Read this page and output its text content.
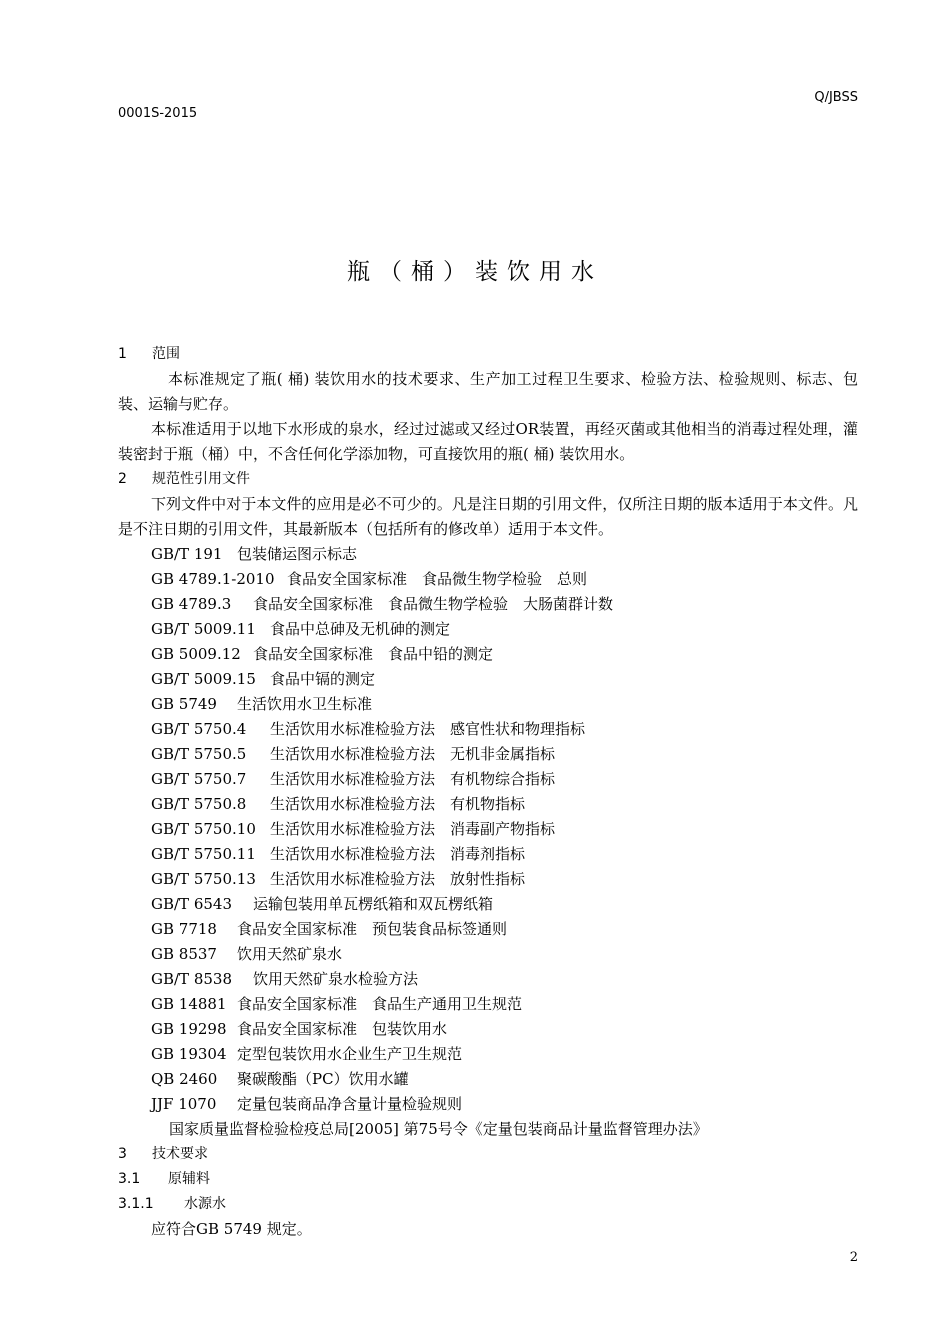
Q/JBSS
0001S-2015
瓶（桶）装饮用水
1	范围
本标准规定了瓶( 桶) 装饮用水的技术要求、生产加工过程卫生要求、检验方法、检验规则、标志、包装、运输与贮存。
本标准适用于以地下水形成的泉水，经过过滤或又经过OR装置，再经灭菌或其他相当的消毒过程处理，灌装密封于瓶（桶）中，不含任何化学添加物，可直接饮用的瓶( 桶) 装饮用水。
2	规范性引用文件
下列文件中对于本文件的应用是必不可少的。凡是注日期的引用文件，仅所注日期的版本适用于本文件。凡是不注日期的引用文件，其最新版本（包括所有的修改单）适用于本文件。
GB/T 191 包装储运图示标志
GB 4789.1-2010 食品安全国家标准　食品微生物学检验　总则
GB 4789.3	食品安全国家标准　食品微生物学检验　大肠菌群计数
GB/T 5009.11 食品中总砷及无机砷的测定
GB 5009.12 食品安全国家标准　食品中铅的测定
GB/T 5009.15 食品中镉的测定
GB 5749	生活饮用水卫生标准
GB/T 5750.4	生活饮用水标准检验方法　感官性状和物理指标
GB/T 5750.5	生活饮用水标准检验方法　无机非金属指标
GB/T 5750.7	生活饮用水标准检验方法　有机物综合指标
GB/T 5750.8	生活饮用水标准检验方法　有机物指标
GB/T 5750.10 生活饮用水标准检验方法　消毒副产物指标
GB/T 5750.11 生活饮用水标准检验方法　消毒剂指标
GB/T 5750.13 生活饮用水标准检验方法　放射性指标
GB/T 6543	运输包装用单瓦楞纸箱和双瓦楞纸箱
GB 7718	食品安全国家标准　预包装食品标签通则
GB 8537	饮用天然矿泉水
GB/T 8538	饮用天然矿泉水检验方法
GB 14881 食品安全国家标准　食品生产通用卫生规范
GB 19298 食品安全国家标准　包装饮用水
GB 19304 定型包装饮用水企业生产卫生规范
QB 2460	聚碳酸酯（PC）饮用水罐
JJF 1070	定量包装商品净含量计量检验规则
国家质量监督检验检疫总局[2005] 第75号令《定量包装商品计量监督管理办法》
3	技术要求
3.1	原辅料
3.1.1	水源水
应符合GB 5749 规定。
2
